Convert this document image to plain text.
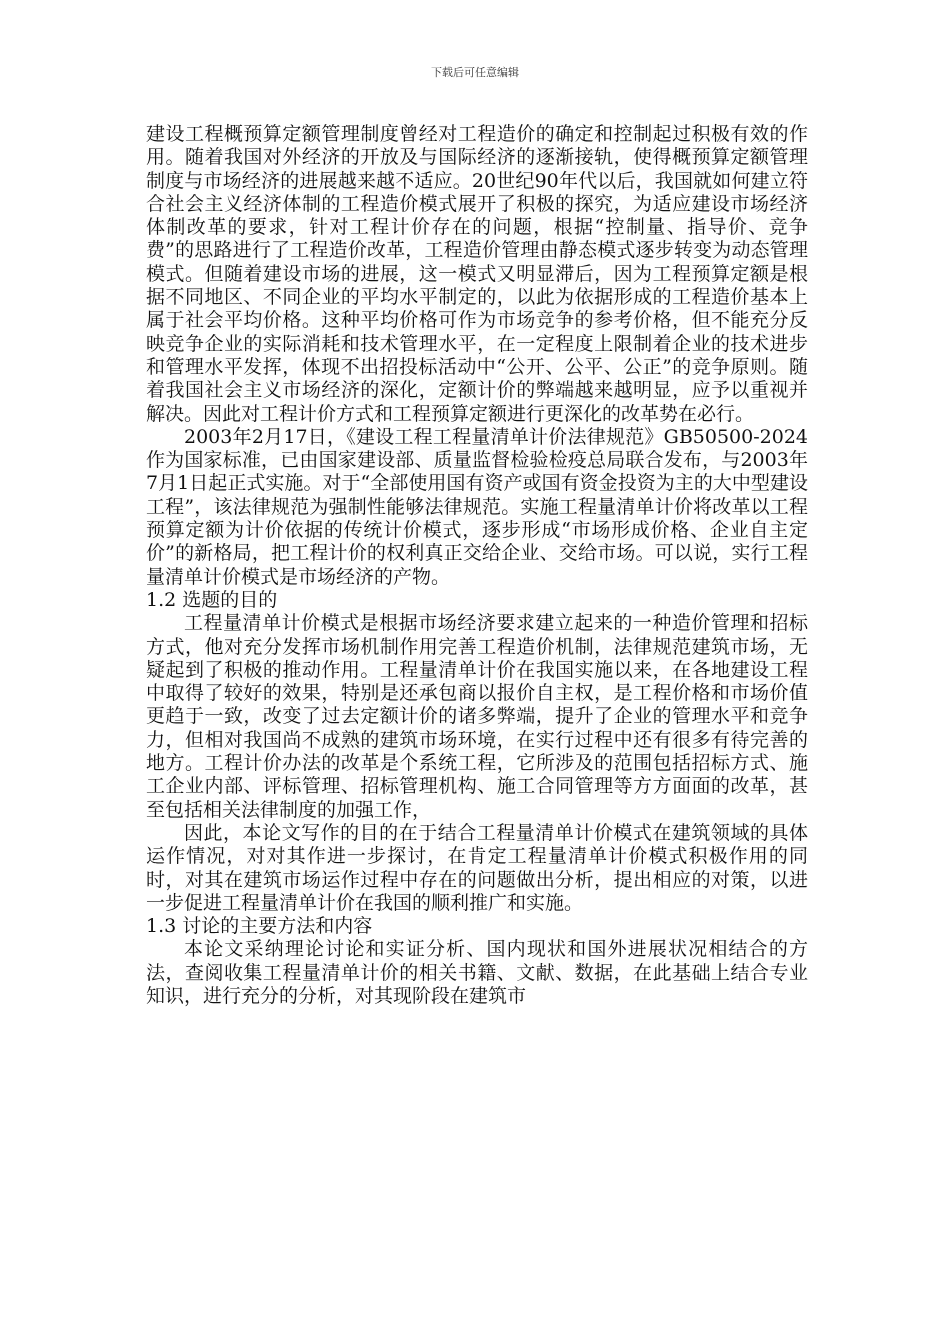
下载后可任意编辑

建设工程概预算定额管理制度曾经对工程造价的确定和控制起过积极有效的作用。随着我国对外经济的开放及与国际经济的逐渐接轨，使得概预算定额管理制度与市场经济的进展越来越不适应。20世纪90年代以后，我国就如何建立符合社会主义经济体制的工程造价模式展开了积极的探究，为适应建设市场经济体制改革的要求，针对工程计价存在的问题，根据“控制量、指导价、竞争费”的思路进行了工程造价改革，工程造价管理由静态模式逐步转变为动态管理模式。但随着建设市场的进展，这一模式又明显滞后，因为工程预算定额是根据不同地区、不同企业的平均水平制定的，以此为依据形成的工程造价基本上属于社会平均价格。这种平均价格可作为市场竞争的参考价格，但不能充分反映竞争企业的实际消耗和技术管理水平，在一定程度上限制着企业的技术进步和管理水平发挥，体现不出招投标活动中“公开、公平、公正”的竞争原则。随着我国社会主义市场经济的深化，定额计价的弊端越来越明显，应予以重视并解决。因此对工程计价方式和工程预算定额进行更深化的改革势在必行。

2003年2月17日，《建设工程工程量清单计价法律规范》GB50500-2024作为国家标准，已由国家建设部、质量监督检验检疫总局联合发布，与2003年7月1日起正式实施。对于“全部使用国有资产或国有资金投资为主的大中型建设工程”，该法律规范为强制性能够法律规范。实施工程量清单计价将改革以工程预算定额为计价依据的传统计价模式，逐步形成“市场形成价格、企业自主定价”的新格局，把工程计价的权利真正交给企业、交给市场。可以说，实行工程量清单计价模式是市场经济的产物。

1.2 选题的目的

工程量清单计价模式是根据市场经济要求建立起来的一种造价管理和招标方式，他对充分发挥市场机制作用完善工程造价机制，法律规范建筑市场，无疑起到了积极的推动作用。工程量清单计价在我国实施以来，在各地建设工程中取得了较好的效果，特别是还承包商以报价自主权，是工程价格和市场价值更趋于一致，改变了过去定额计价的诸多弊端，提升了企业的管理水平和竞争力，但相对我国尚不成熟的建筑市场环境，在实行过程中还有很多有待完善的地方。工程计价办法的改革是个系统工程，它所涉及的范围包括招标方式、施工企业内部、评标管理、招标管理机构、施工合同管理等方方面面的改革，甚至包括相关法律制度的加强工作，

因此，本论文写作的目的在于结合工程量清单计价模式在建筑领域的具体运作情况，对对其作进一步探讨，在肯定工程量清单计价模式积极作用的同时，对其在建筑市场运作过程中存在的问题做出分析，提出相应的对策，以进一步促进工程量清单计价在我国的顺利推广和实施。

1.3 讨论的主要方法和内容

本论文采纳理论讨论和实证分析、国内现状和国外进展状况相结合的方法，查阅收集工程量清单计价的相关书籍、文献、数据，在此基础上结合专业知识，进行充分的分析，对其现阶段在建筑市
